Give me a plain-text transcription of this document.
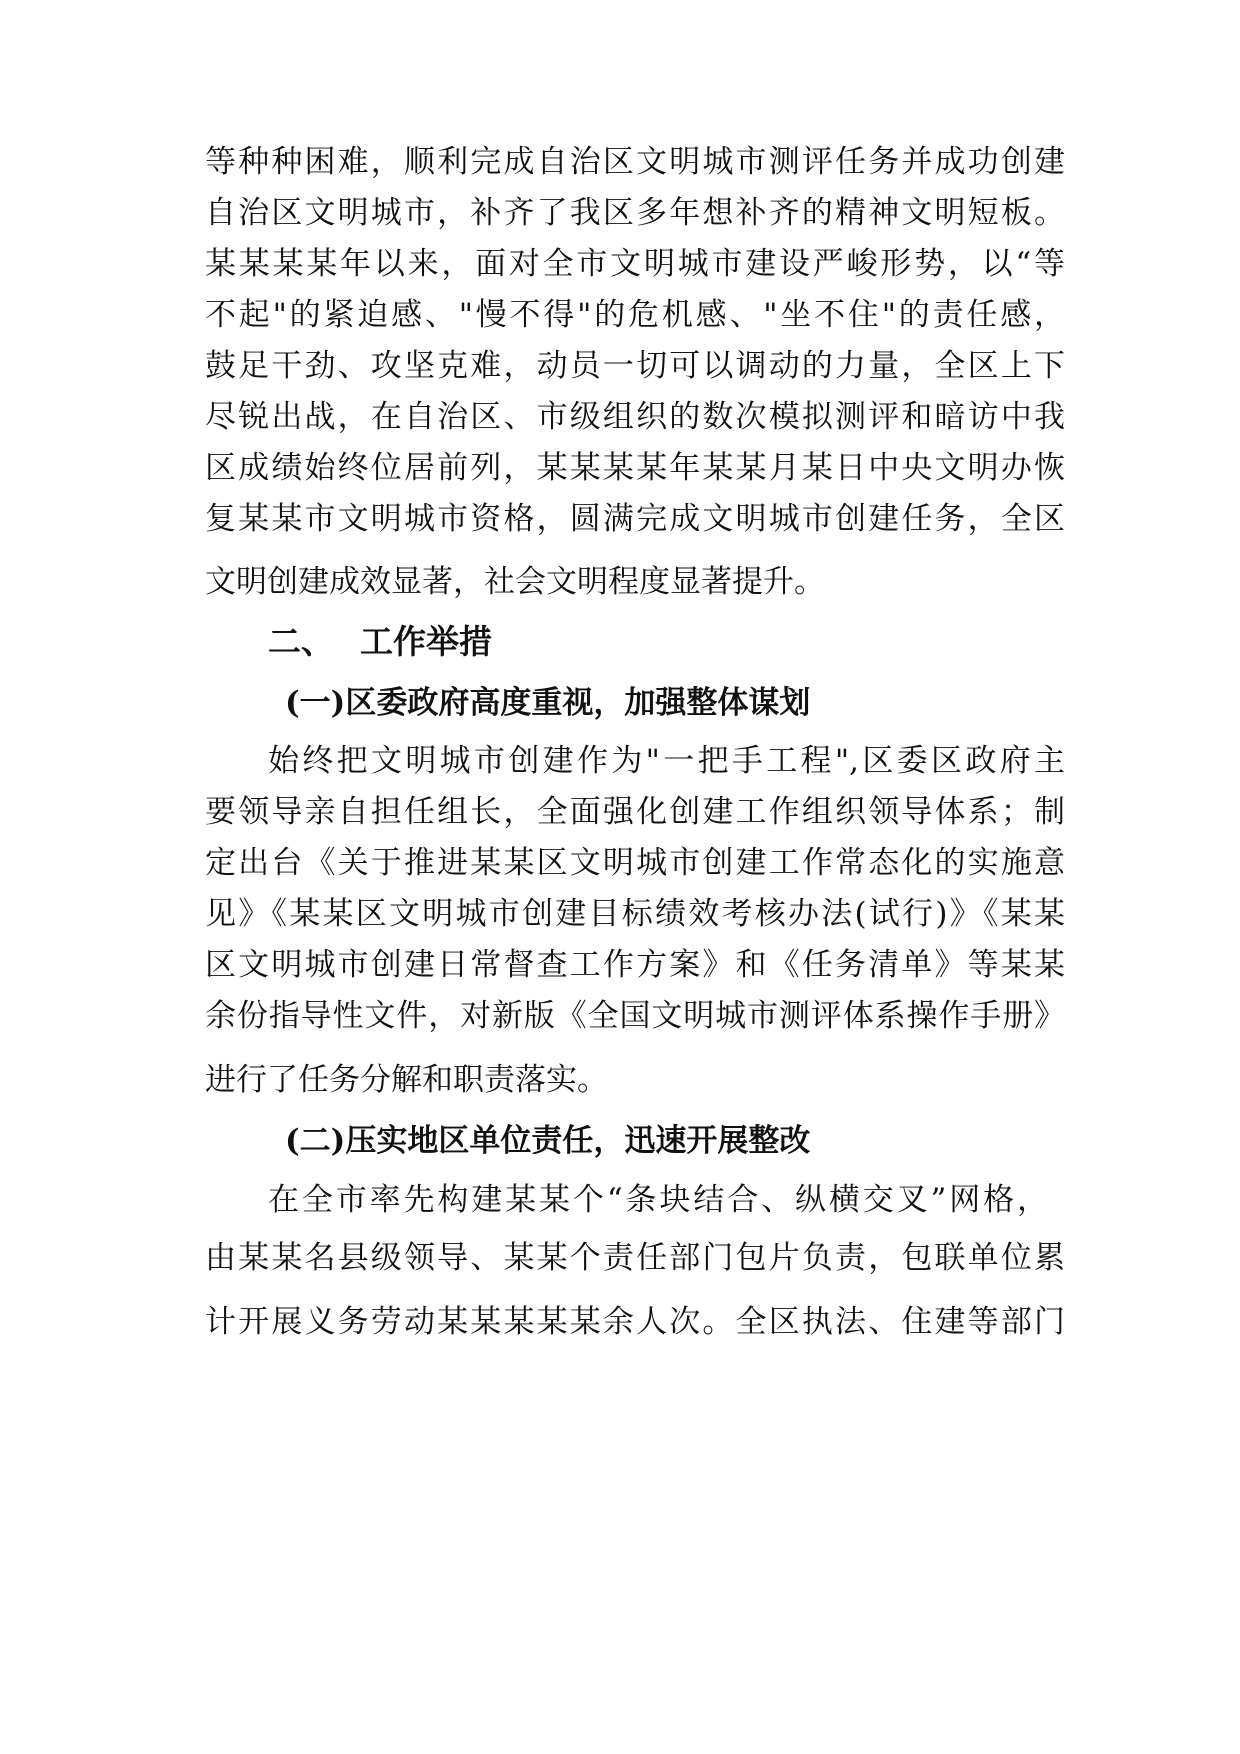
等种种困难，顺利完成自治区文明城市测评任务并成功创建
自治区文明城市，补齐了我区多年想补齐的精神文明短板。
某某某某年以来，面对全市文明城市建设严峻形势，以“等
不起"的紧迫感、"慢不得"的危机感、"坐不住"的责任感，
鼓足干劲、攻坚克难，动员一切可以调动的力量，全区上下
尽锐出战，在自治区、市级组织的数次模拟测评和暗访中我
区成绩始终位居前列，某某某某年某某月某日中央文明办恢
复某某市文明城市资格，圆满完成文明城市创建任务，全区
文明创建成效显著，社会文明程度显著提升。
二、 工作举措
(一)区委政府高度重视，加强整体谋划
始终把文明城市创建作为"一把手工程",区委区政府主
要领导亲自担任组长，全面强化创建工作组织领导体系；制
定出台《关于推进某某区文明城市创建工作常态化的实施意
见》《某某区文明城市创建目标绩效考核办法(试行)》《某某
区文明城市创建日常督查工作方案》和《任务清单》等某某
余份指导性文件，对新版《全国文明城市测评体系操作手册》
进行了任务分解和职责落实。
(二)压实地区单位责任，迅速开展整改
在全市率先构建某某个“条块结合、纵横交叉”网格，
由某某名县级领导、某某个责任部门包片负责，包联单位累
计开展义务劳动某某某某某余人次。全区执法、住建等部门
